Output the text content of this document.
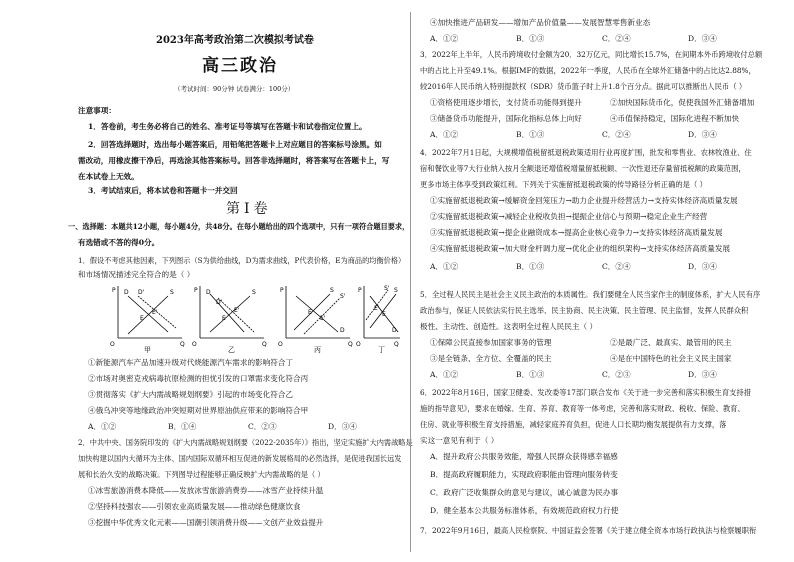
2023年高考政治第二次模拟考试卷
高三政治
（考试时间：90分钟 试卷满分：100分）
注意事项：
1．答卷前，考生务必将自己的姓名、准考证号等填写在答题卡和试卷指定位置上。
2．回答选择题时，选出每小题答案后，用铅笔把答题卡上对应题目的答案标号涂黑。如
需改动，用橡皮擦干净后，再选涂其他答案标号。回答非选择题时，将答案写在答题卡上，写
在本试卷上无效。
3．考试结束后，将本试卷和答题卡一并交回
第Ⅰ卷
一、选择题：本题共12小题，每小题4分，共48分。在每小题给出的四个选项中，只有一项符合题目要求，
有选错或不答的得0分。
1．假设不考虑其他因素，下列图示（S为供给曲线，D为需求曲线，P代表价格，E为商品的均衡价格）
和市场情况描述完全符合的是（ ）
P
Q
O
S
D D'
E
E'
甲
P
Q
O
S
D
D'
E
E'
乙
P
Q
O
S
D
S'
E
E'
丙
P
Q
O
S
D
S'
E
E'
丁
①新能源汽车产品加速升级对代烧能源汽车需求的影响符合丁
②市场对奥密克戎病毒抗原检测的担忧引发的口罩需求变化符合丙
③贯彻落实《扩大内需战略规划纲要》引起的市场变化符合乙
④俄乌冲突等地缘政治冲突短期对世界原油供应带来的影响符合甲
A．①②	B．①④	C．②③	D．③④
2．中共中央、国务院印发的《扩大内需战略规划纲要（2022-2035年）》指出，坚定实施扩大内需战略是
加快构建以国内大循环为主体、国内国际双循环相互促进的新发展格局的必然选择，是促进我国长远发
展和长治久安的战略决策。下列图导过程能够正确反映扩大内需战略的是（ ）
①冰雪旅游消费本降低——发放冰雪旅游消费券——冰雪产业持续升温
②坚持科技强农——引领农业高质量发展——推动绿色健康饮食
③挖掘中华优秀文化元素——国潮引领消费升级——文创产业效益提升
④加快推进产品研发——增加产品价值量——发展智慧零售新业态
A．①②	B．①③	C．②④	D．③④
3．2022年上半年，人民币跨境收付金额为20．32万亿元，同比增长15.7%，在间期本外币跨境收付总额
中的占比上升至49.1%。根据IMF的数据，2022年一季度，人民币在全球外汇储备中的占比达2.88%，
较2016年人民币纳入特别提款权（SDR）货币篮子时上升1.8个百分点。据此可以推断出人民币（ ）
①资格使用逐步增长，支付货币功能得到提升	②加快国际货币化，促使我国外汇储备增加
③储备货币功能提升，国际化指标总体上向好	④币值保持稳定，国际化进程不断加快
A．①②	B．①③	C．②④	D．③④
4．2022年7月1日起，大规模增值税留抵退税政策适用行业再度扩围，批发和零售业、农林牧渔业、住
宿和餐饮业等7大行业纳入按月全额退还增值税增量留抵税额、一次性退还存量留抵税额的政策范围，
更多市场主体享受到政策红利。下列关于实施留抵退税政策的传导路径分析正确的是（ ）
①实施留抵退税政策→缓解资金回笼压力→助力企业提升经营活力→支持实体经济高质量发展
②实施留抵退税政策→减轻企业税收负担→提振企业信心与预期→稳定企业生产经营
③实施留抵退税政策→提企业融资成本→提高企业核心竞争力→支持实体经济高质量发展
④实施留抵退税政策→加大财金杆调力度→优化企业的组织架构→支持实体经济高质量发展
A．①②	B．①③	C．②④	D．③④
5．全过程人民民主是社会主义民主政治的本质属性。我们要健全人民当家作主的制度体系，扩大人民有序
政治参与，保证人民依法实行民主选举、民主协商、民主决策、民主管理、民主监督，发挥人民群众积
极性、主动性、创造性。这表明全过程人民民主（ ）
①保障公民直接参加国家事务的管理	②是最广泛、最真实、最管用的民主
③是全链条、全方位、全覆盖的民主	④是在中国特色的社会主义民主国家
A．①②	B．①③	C．②③	D．③④
6．2022年8月16日，国家卫健委、发改委等17部门联合发布《关于进一步完善和落实积极生育支持措
施的指导意见》，要求在婚嫁、生育、养育、教育等一体考虑，完善和落实财政、税收、保险、教育、
住房、就业等积极生育支持措施，减轻家庭养育负担，促进人口长期均衡发展提供有力支撑，落
实这一意见有利于（ ）
A．提升政府公共服务效能，增强人民群众获得感幸福感
B．提高政府履职能力，实现政府职能由管理向服务转变
C．政府广泛收集群众的意见与建议，诚心诚意为民办事
D．健全基本公共服务标准体系，有效规范政府权力行使
7．2022年9月16日，最高人民检察院、中国证监会签署《关于建立健全资本市场行政执法与检察履职衔
